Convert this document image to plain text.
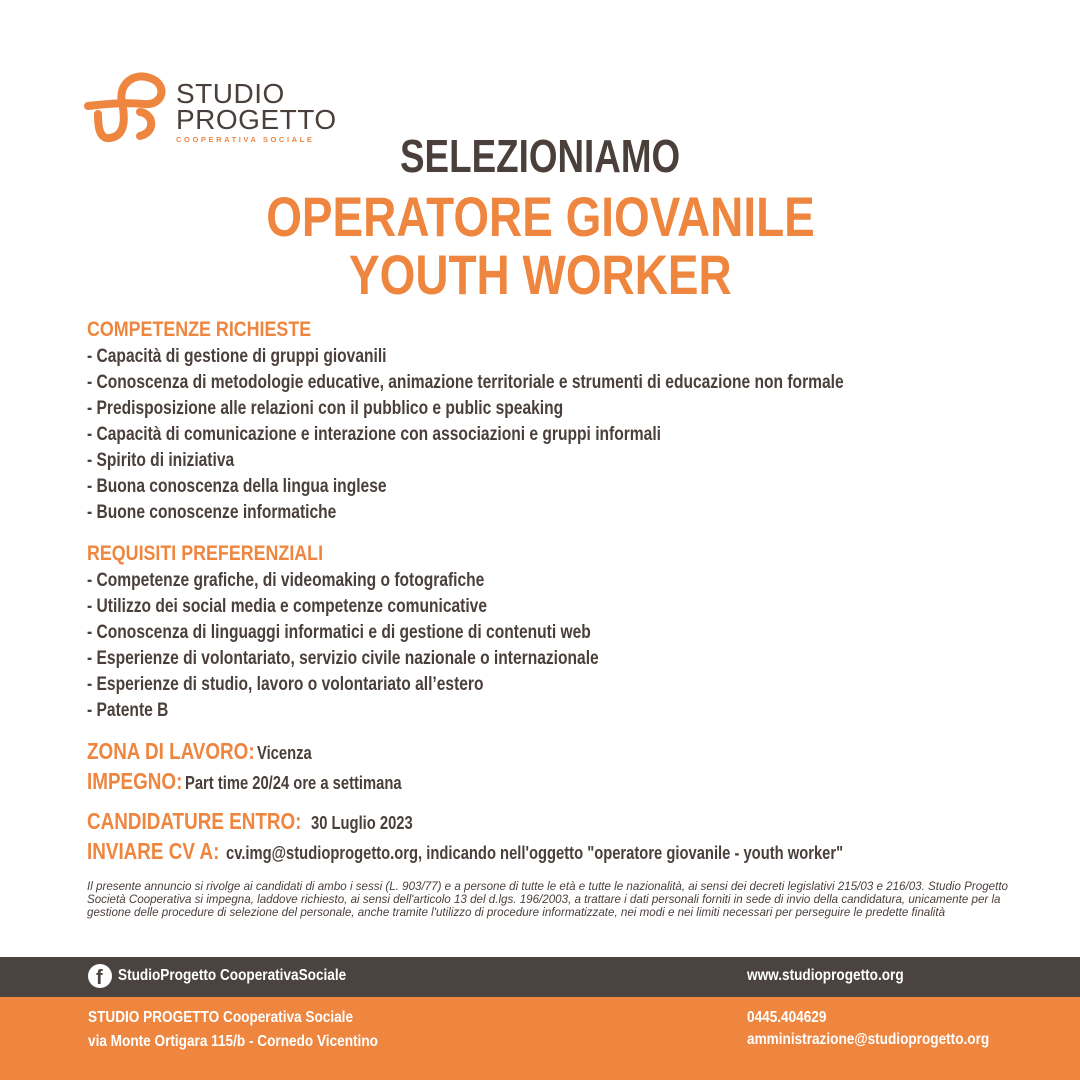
STUDIO
PROGETTO
COOPERATIVA SOCIALE	SELEZIONIAMO
OPERATORE GIOVANILE
YOUTH WORKER
COMPETENZE RICHIESTE
- Capacità di gestione di gruppi giovanili
- Conoscenza di metodologie educative, animazione territoriale e strumenti di educazione non formale
- Predisposizione alle relazioni con il pubblico e public speaking
- Capacità di comunicazione e interazione con associazioni e gruppi informali
- Spirito di iniziativa
- Buona conoscenza della lingua inglese
- Buone conoscenze informatiche
REQUISITI PREFERENZIALI
- Competenze grafiche, di videomaking o fotografiche
- Utilizzo dei social media e competenze comunicative
- Conoscenza di linguaggi informatici e di gestione di contenuti web
- Esperienze di volontariato, servizio civile nazionale o internazionale
- Esperienze di studio, lavoro o volontariato all’estero
- Patente B
ZONA DI LAVORO: Vicenza
IMPEGNO: Part time 20/24 ore a settimana
CANDIDATURE ENTRO: 30 Luglio 2023
INVIARE CV A: cv.img@studioprogetto.org, indicando nell'oggetto "operatore giovanile - youth worker"
Il presente annuncio si rivolge ai candidati di ambo i sessi (L. 903/77) e a persone di tutte le età e tutte le nazionalità, ai sensi dei decreti legislativi 215/03 e 216/03. Studio Progetto Società Cooperativa si impegna, laddove richiesto, ai sensi dell'articolo 13 del d.lgs. 196/2003, a trattare i dati personali forniti in sede di invio della candidatura, unicamente per la gestione delle procedure di selezione del personale, anche tramite l'utilizzo di procedure informatizzate, nei modi e nei limiti necessari per perseguire le predette finalità
f StudioProgetto CooperativaSociale	www.studioprogetto.org
STUDIO PROGETTO Cooperativa Sociale
via Monte Ortigara 115/b - Cornedo Vicentino
0445.404629
amministrazione@studioprogetto.org
